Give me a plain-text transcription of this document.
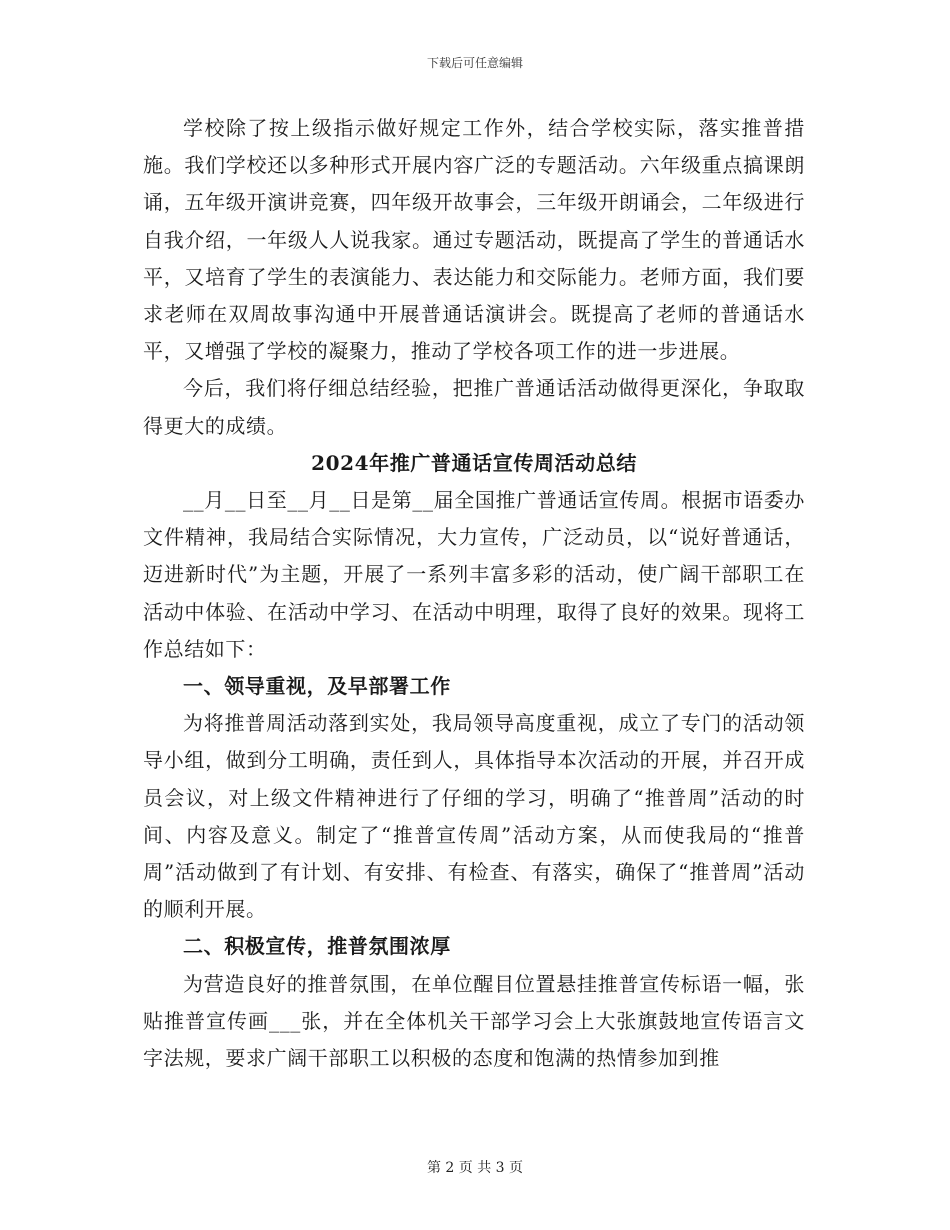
下载后可任意编辑

学校除了按上级指示做好规定工作外，结合学校实际，落实推普措施。我们学校还以多种形式开展内容广泛的专题活动。六年级重点搞课朗诵，五年级开演讲竞赛，四年级开故事会，三年级开朗诵会，二年级进行自我介绍，一年级人人说我家。通过专题活动，既提高了学生的普通话水平，又培育了学生的表演能力、表达能力和交际能力。老师方面，我们要求老师在双周故事沟通中开展普通话演讲会。既提高了老师的普通话水平，又增强了学校的凝聚力，推动了学校各项工作的进一步进展。

今后，我们将仔细总结经验，把推广普通话活动做得更深化，争取取得更大的成绩。

2024年推广普通话宣传周活动总结

__月__日至__月__日是第__届全国推广普通话宣传周。根据市语委办文件精神，我局结合实际情况，大力宣传，广泛动员，以“说好普通话，迈进新时代”为主题，开展了一系列丰富多彩的活动，使广阔干部职工在活动中体验、在活动中学习、在活动中明理，取得了良好的效果。现将工作总结如下：

一、领导重视，及早部署工作

为将推普周活动落到实处，我局领导高度重视，成立了专门的活动领导小组，做到分工明确，责任到人，具体指导本次活动的开展，并召开成员会议，对上级文件精神进行了仔细的学习，明确了“推普周”活动的时间、内容及意义。制定了“推普宣传周”活动方案，从而使我局的“推普周”活动做到了有计划、有安排、有检查、有落实，确保了“推普周”活动的顺利开展。

二、积极宣传，推普氛围浓厚

为营造良好的推普氛围，在单位醒目位置悬挂推普宣传标语一幅，张贴推普宣传画___张，并在全体机关干部学习会上大张旗鼓地宣传语言文字法规，要求广阔干部职工以积极的态度和饱满的热情参加到推

第 2 页 共 3 页
